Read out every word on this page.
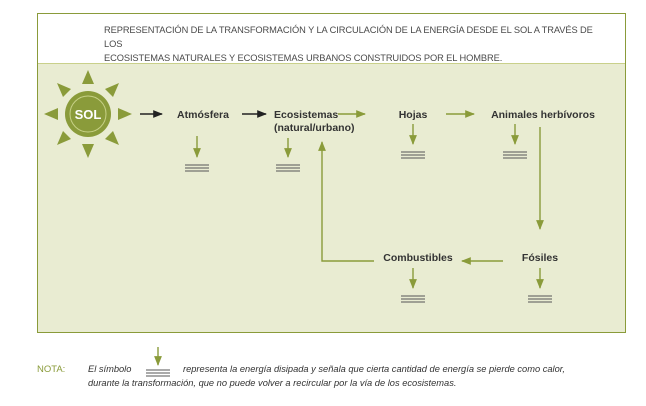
REPRESENTACIÓN DE LA TRANSFORMACIÓN Y LA CIRCULACIÓN DE LA ENERGÍA DESDE EL SOL A TRAVÉS DE LOS
ECOSISTEMAS NATURALES Y ECOSISTEMAS URBANOS CONSTRUIDOS POR EL HOMBRE.
SOL	Atmósfera	Ecosistemas
(natural/urbano)
Hojas	Animales herbívoros
Combustibles	Fósiles
NOTA: El símbolo	representa la energía disipada y señala que cierta cantidad de energía se pierde como calor,
durante la transformación, que no puede volver a recircular por la vía de los ecosistemas.
